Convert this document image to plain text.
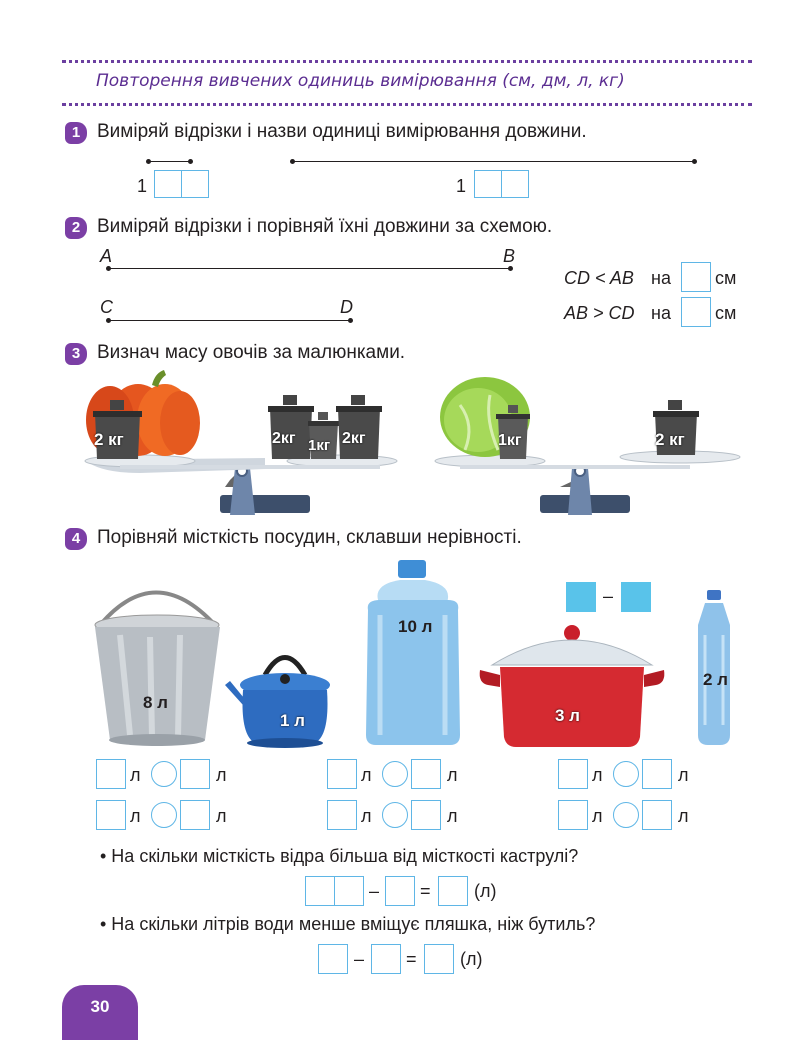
Повторення вивчених одиниць вимірювання (см, дм, л, кг)
1 Виміряй відрізки і назви одиниці вимірювання довжини.
1	1
2 Виміряй відрізки і порівняй їхні довжини за схемою.
A	B
C	D
CD < AB на см
AB > CD на см
3 Визнач масу овочів за малюнками.
2 кг	2кг 1кг 2кг	1кг	2 кг
4 Порівняй місткість посудин, склавши нерівності.
–
8 л
1 л
10 л
3 л
2 л
л	л
л	л
л	л
л	л
л	л
л	л
• На скільки місткість відра більша від місткості каструлі?
– = (л)
• На скільки літрів води менше вміщує пляшка, ніж бутиль?
– = (л)
30
